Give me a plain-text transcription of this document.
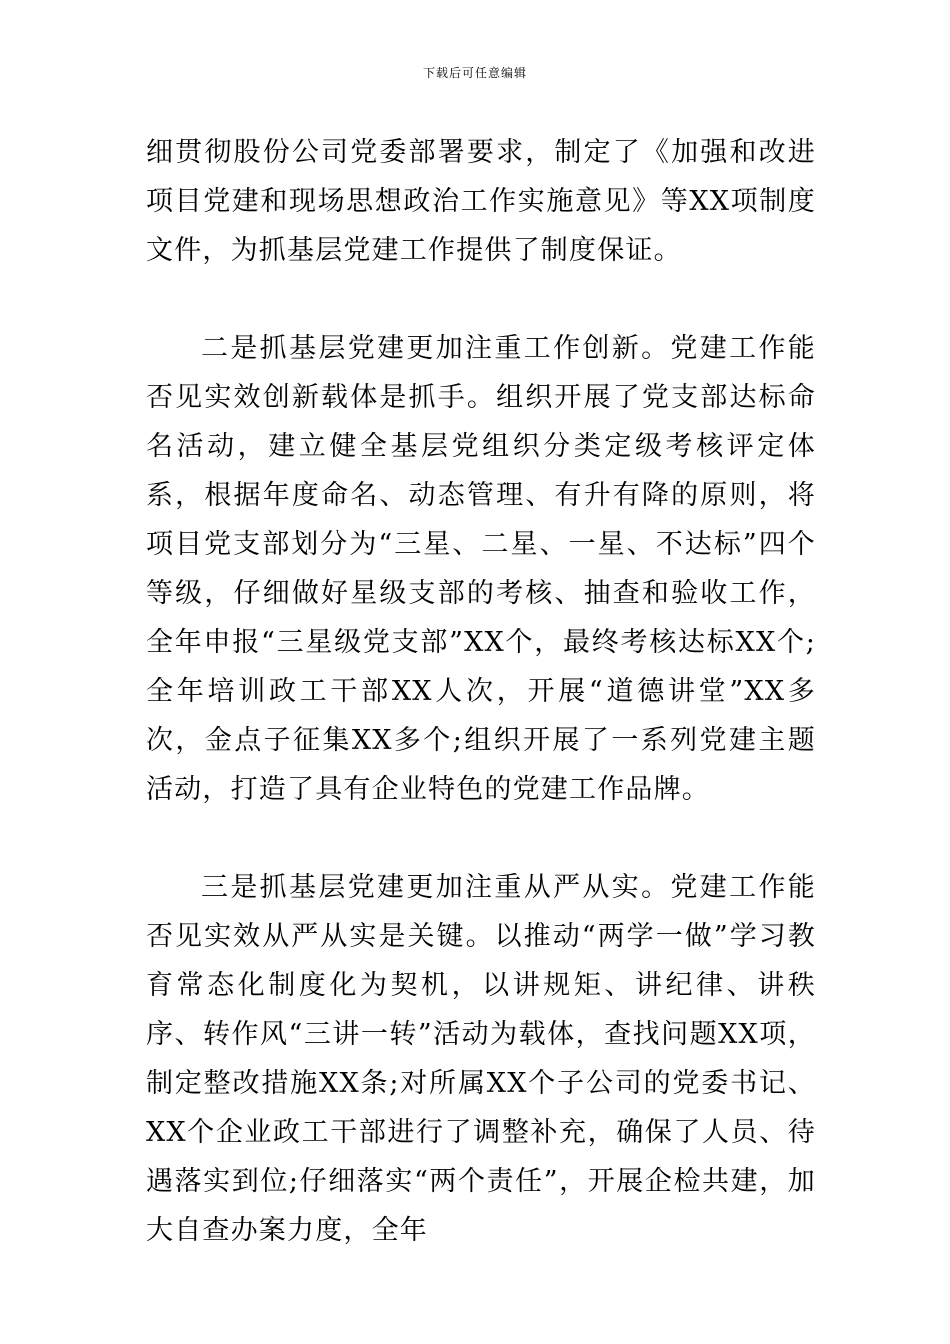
下载后可任意编辑

细贯彻股份公司党委部署要求，制定了《加强和改进项目党建和现场思想政治工作实施意见》等XX项制度文件，为抓基层党建工作提供了制度保证。

二是抓基层党建更加注重工作创新。党建工作能否见实效创新载体是抓手。组织开展了党支部达标命名活动，建立健全基层党组织分类定级考核评定体系，根据年度命名、动态管理、有升有降的原则，将项目党支部划分为“三星、二星、一星、不达标”四个等级，仔细做好星级支部的考核、抽查和验收工作，全年申报“三星级党支部”XX个，最终考核达标XX个;全年培训政工干部XX人次，开展“道德讲堂”XX多次，金点子征集XX多个;组织开展了一系列党建主题活动，打造了具有企业特色的党建工作品牌。

三是抓基层党建更加注重从严从实。党建工作能否见实效从严从实是关键。以推动“两学一做”学习教育常态化制度化为契机，以讲规矩、讲纪律、讲秩序、转作风“三讲一转”活动为载体，查找问题XX项，制定整改措施XX条;对所属XX个子公司的党委书记、XX个企业政工干部进行了调整补充，确保了人员、待遇落实到位;仔细落实“两个责任”，开展企检共建，加大自查办案力度，全年
